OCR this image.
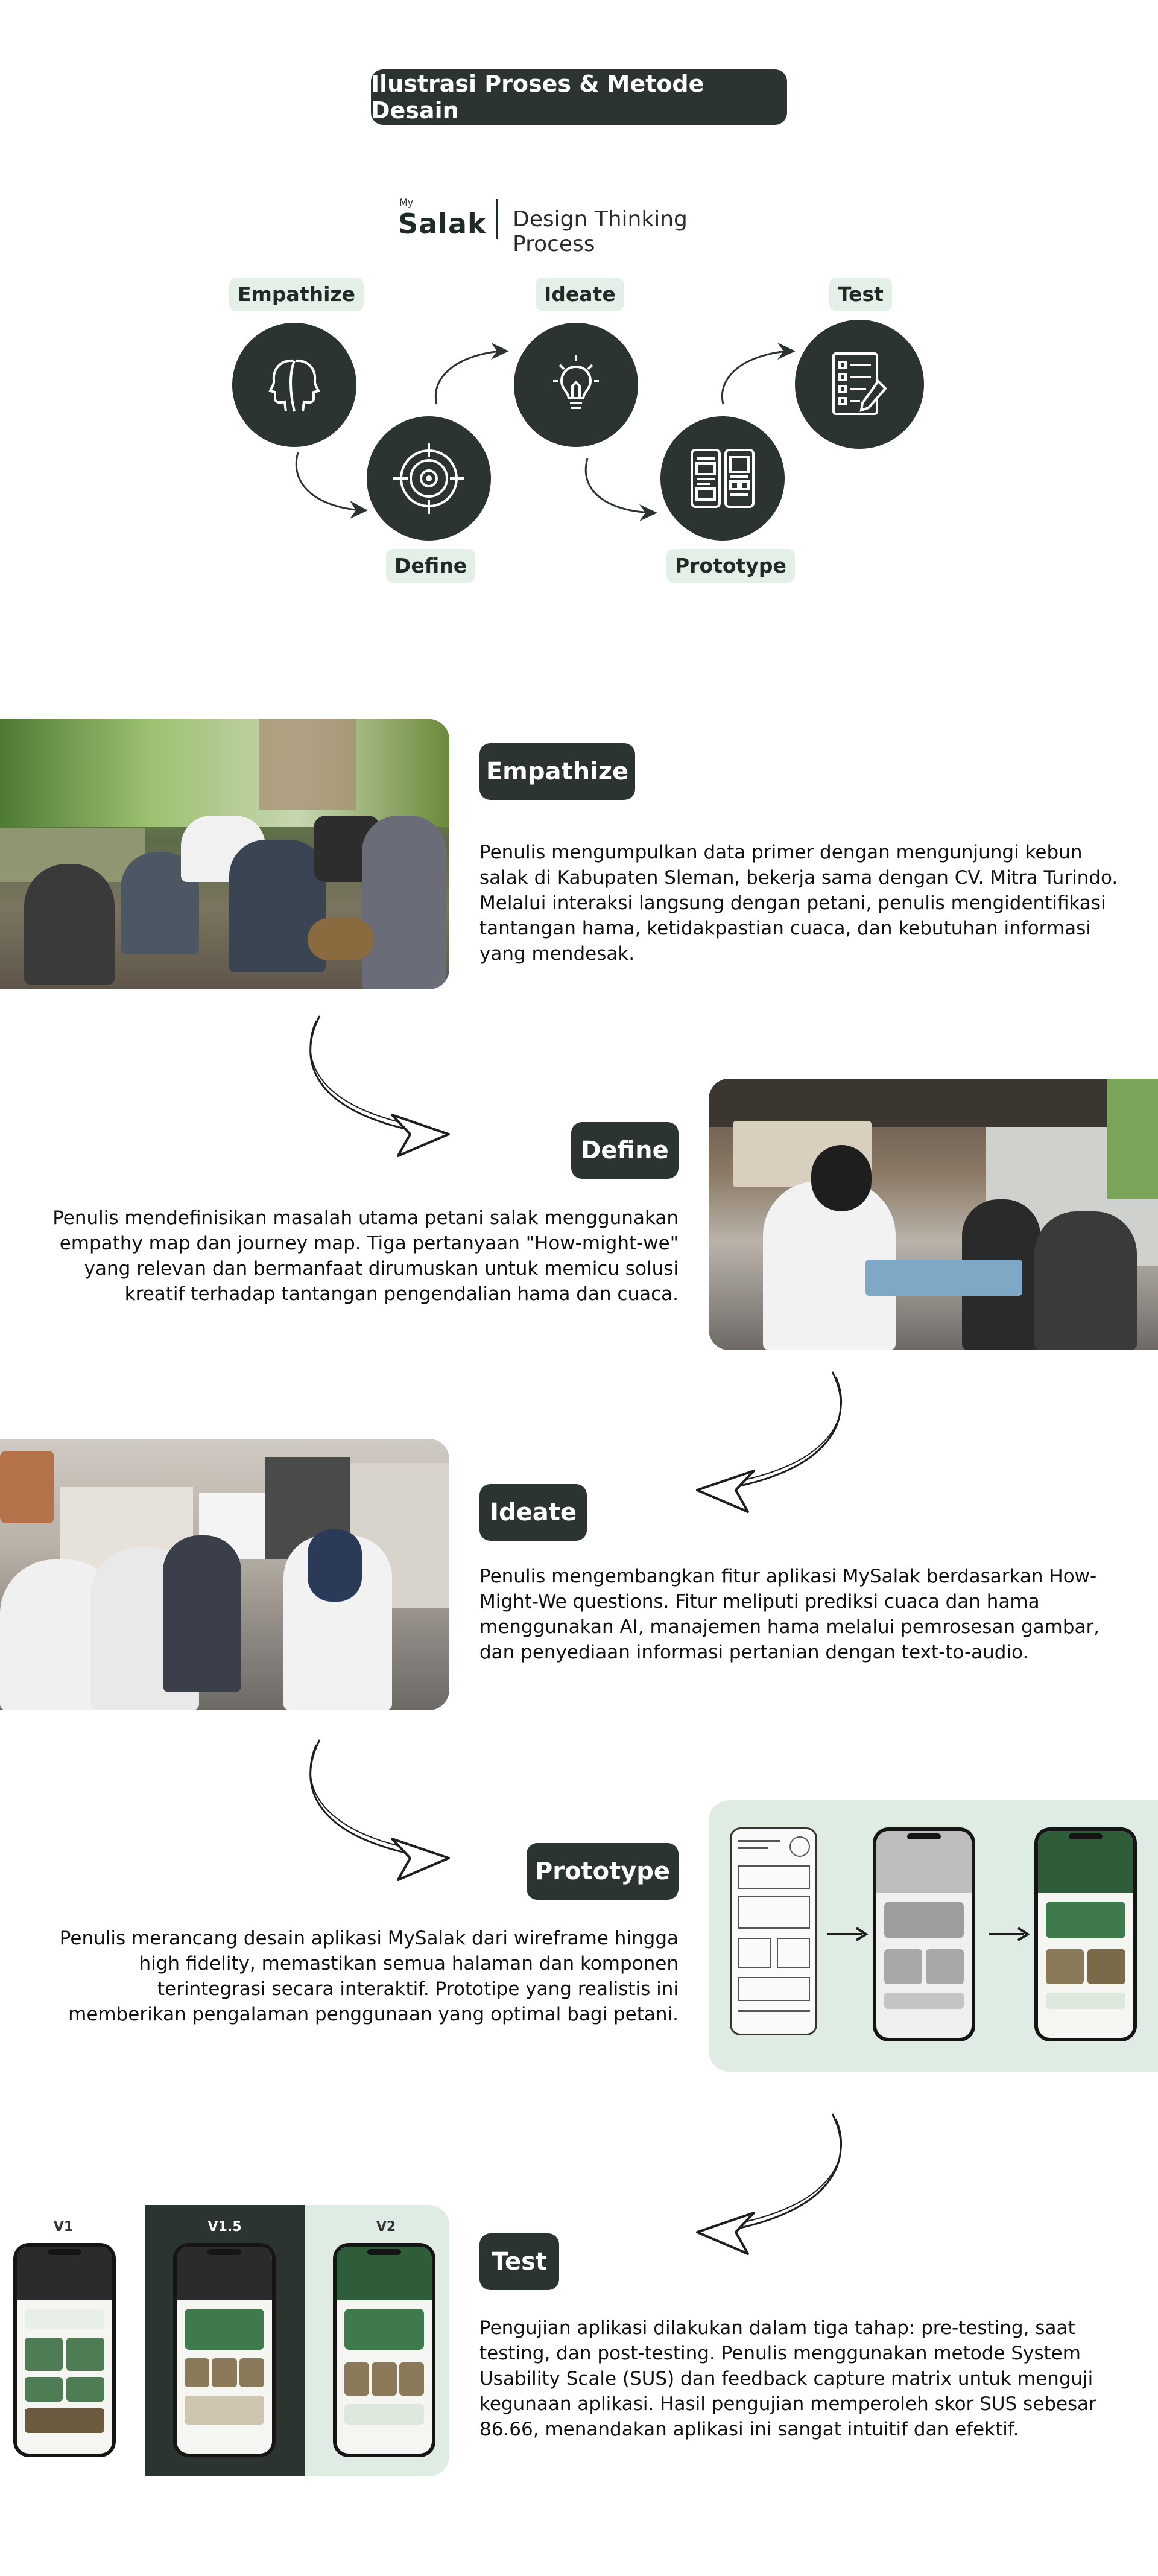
Ilustrasi Proses & Metode Desain
My
Salak Design Thinking Process
Empathize
Define
Ideate
Prototype
Test
Empathize
Penulis mengumpulkan data primer dengan mengunjungi kebun
salak di Kabupaten Sleman, bekerja sama dengan CV. Mitra Turindo.
Melalui interaksi langsung dengan petani, penulis mengidentifikasi
tantangan hama, ketidakpastian cuaca, dan kebutuhan informasi
yang mendesak.
Define
Penulis mendefinisikan masalah utama petani salak menggunakan
empathy map dan journey map. Tiga pertanyaan "How-might-we"
yang relevan dan bermanfaat dirumuskan untuk memicu solusi
kreatif terhadap tantangan pengendalian hama dan cuaca.
Ideate
Penulis mengembangkan fitur aplikasi MySalak berdasarkan How-
Might-We questions. Fitur meliputi prediksi cuaca dan hama
menggunakan AI, manajemen hama melalui pemrosesan gambar,
dan penyediaan informasi pertanian dengan text-to-audio.
Prototype
Penulis merancang desain aplikasi MySalak dari wireframe hingga
high fidelity, memastikan semua halaman dan komponen
terintegrasi secara interaktif. Prototipe yang realistis ini
memberikan pengalaman penggunaan yang optimal bagi petani.
V1	V1.5	V2
Test
Pengujian aplikasi dilakukan dalam tiga tahap: pre-testing, saat
testing, dan post-testing. Penulis menggunakan metode System
Usability Scale (SUS) dan feedback capture matrix untuk menguji
kegunaan aplikasi. Hasil pengujian memperoleh skor SUS sebesar
86.66, menandakan aplikasi ini sangat intuitif dan efektif.
